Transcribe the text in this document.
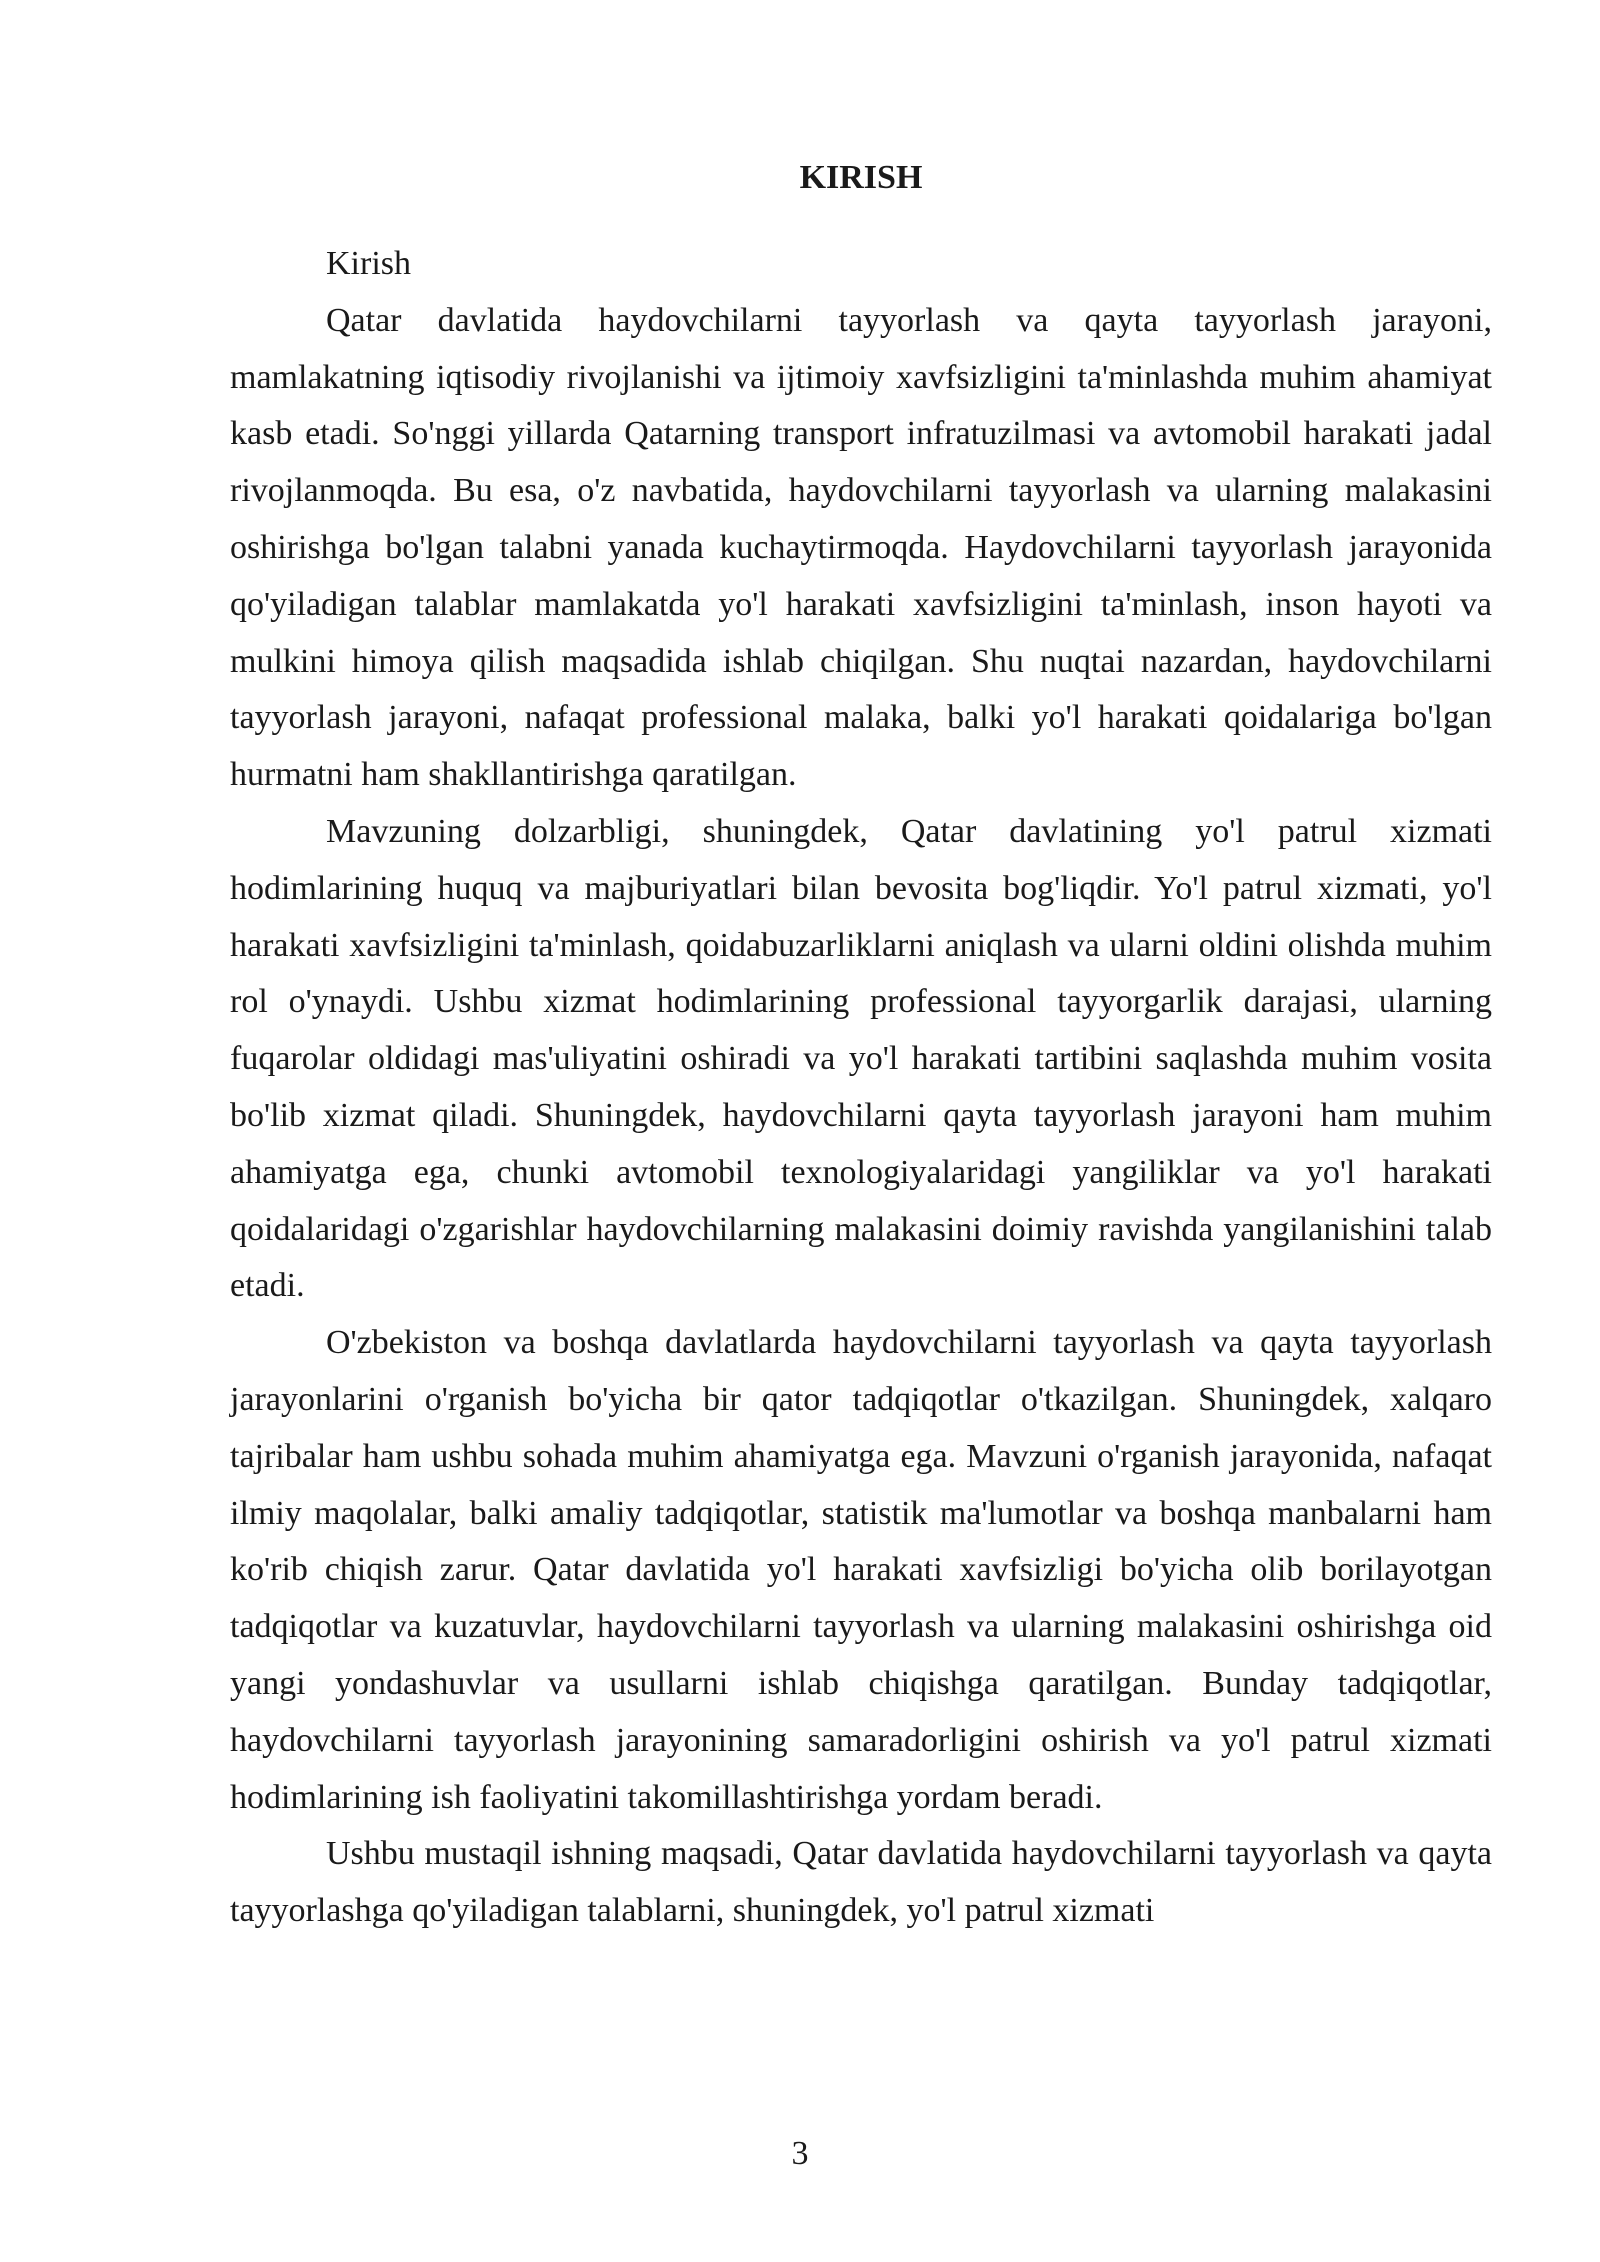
KIRISH

Kirish

Qatar davlatida haydovchilarni tayyorlash va qayta tayyorlash jarayoni, mamlakatning iqtisodiy rivojlanishi va ijtimoiy xavfsizligini ta'minlashda muhim ahamiyat kasb etadi. So'nggi yillarda Qatarning transport infratuzilmasi va avtomobil harakati jadal rivojlanmoqda. Bu esa, o'z navbatida, haydovchilarni tayyorlash va ularning malakasini oshirishga bo'lgan talabni yanada kuchaytirmoqda. Haydovchilarni tayyorlash jarayonida qo'yiladigan talablar mamlakatda yo'l harakati xavfsizligini ta'minlash, inson hayoti va mulkini himoya qilish maqsadida ishlab chiqilgan. Shu nuqtai nazardan, haydovchilarni tayyorlash jarayoni, nafaqat professional malaka, balki yo'l harakati qoidalariga bo'lgan hurmatni ham shakllantirishga qaratilgan.

Mavzuning dolzarbligi, shuningdek, Qatar davlatining yo'l patrul xizmati hodimlarining huquq va majburiyatlari bilan bevosita bog'liqdir. Yo'l patrul xizmati, yo'l harakati xavfsizligini ta'minlash, qoidabuzarliklarni aniqlash va ularni oldini olishda muhim rol o'ynaydi. Ushbu xizmat hodimlarining professional tayyorgarlik darajasi, ularning fuqarolar oldidagi mas'uliyatini oshiradi va yo'l harakati tartibini saqlashda muhim vosita bo'lib xizmat qiladi. Shuningdek, haydovchilarni qayta tayyorlash jarayoni ham muhim ahamiyatga ega, chunki avtomobil texnologiyalaridagi yangiliklar va yo'l harakati qoidalaridagi o'zgarishlar haydovchilarning malakasini doimiy ravishda yangilanishini talab etadi.

O'zbekiston va boshqa davlatlarda haydovchilarni tayyorlash va qayta tayyorlash jarayonlarini o'rganish bo'yicha bir qator tadqiqotlar o'tkazilgan. Shuningdek, xalqaro tajribalar ham ushbu sohada muhim ahamiyatga ega. Mavzuni o'rganish jarayonida, nafaqat ilmiy maqolalar, balki amaliy tadqiqotlar, statistik ma'lumotlar va boshqa manbalarni ham ko'rib chiqish zarur. Qatar davlatida yo'l harakati xavfsizligi bo'yicha olib borilayotgan tadqiqotlar va kuzatuvlar, haydovchilarni tayyorlash va ularning malakasini oshirishga oid yangi yondashuvlar va usullarni ishlab chiqishga qaratilgan. Bunday tadqiqotlar, haydovchilarni tayyorlash jarayonining samaradorligini oshirish va yo'l patrul xizmati hodimlarining ish faoliyatini takomillashtirishga yordam beradi.

Ushbu mustaqil ishning maqsadi, Qatar davlatida haydovchilarni tayyorlash va qayta tayyorlashga qo'yiladigan talablarni, shuningdek, yo'l patrul xizmati

3
